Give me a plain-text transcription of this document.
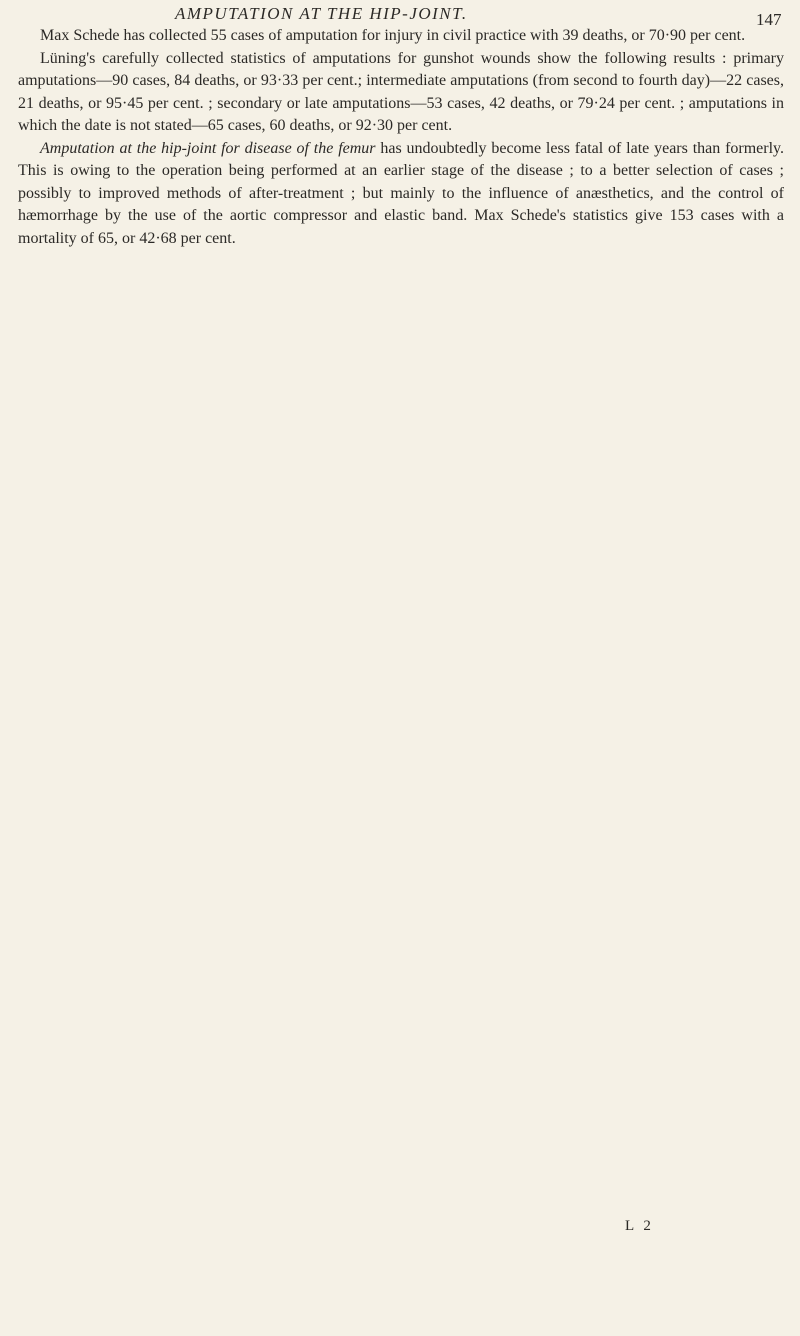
AMPUTATION AT THE HIP-JOINT.	147

Max Schede has collected 55 cases of amputation for injury in civil practice with 39 deaths, or 70·90 per cent.

Lüning's carefully collected statistics of amputations for gunshot wounds show the following results : primary amputations—90 cases, 84 deaths, or 93·33 per cent.; intermediate amputations (from second to fourth day)—22 cases, 21 deaths, or 95·45 per cent. ; secondary or late amputations—53 cases, 42 deaths, or 79·24 per cent. ; amputations in which the date is not stated—65 cases, 60 deaths, or 92·30 per cent.

Amputation at the hip-joint for disease of the femur has undoubtedly become less fatal of late years than formerly. This is owing to the operation being performed at an earlier stage of the disease ; to a better selection of cases ; possibly to improved methods of after-treatment ; but mainly to the influence of anæsthetics, and the control of hæmorrhage by the use of the aortic compressor and elastic band. Max Schede's statistics give 153 cases with a mortality of 65, or 42·68 per cent.

L 2
